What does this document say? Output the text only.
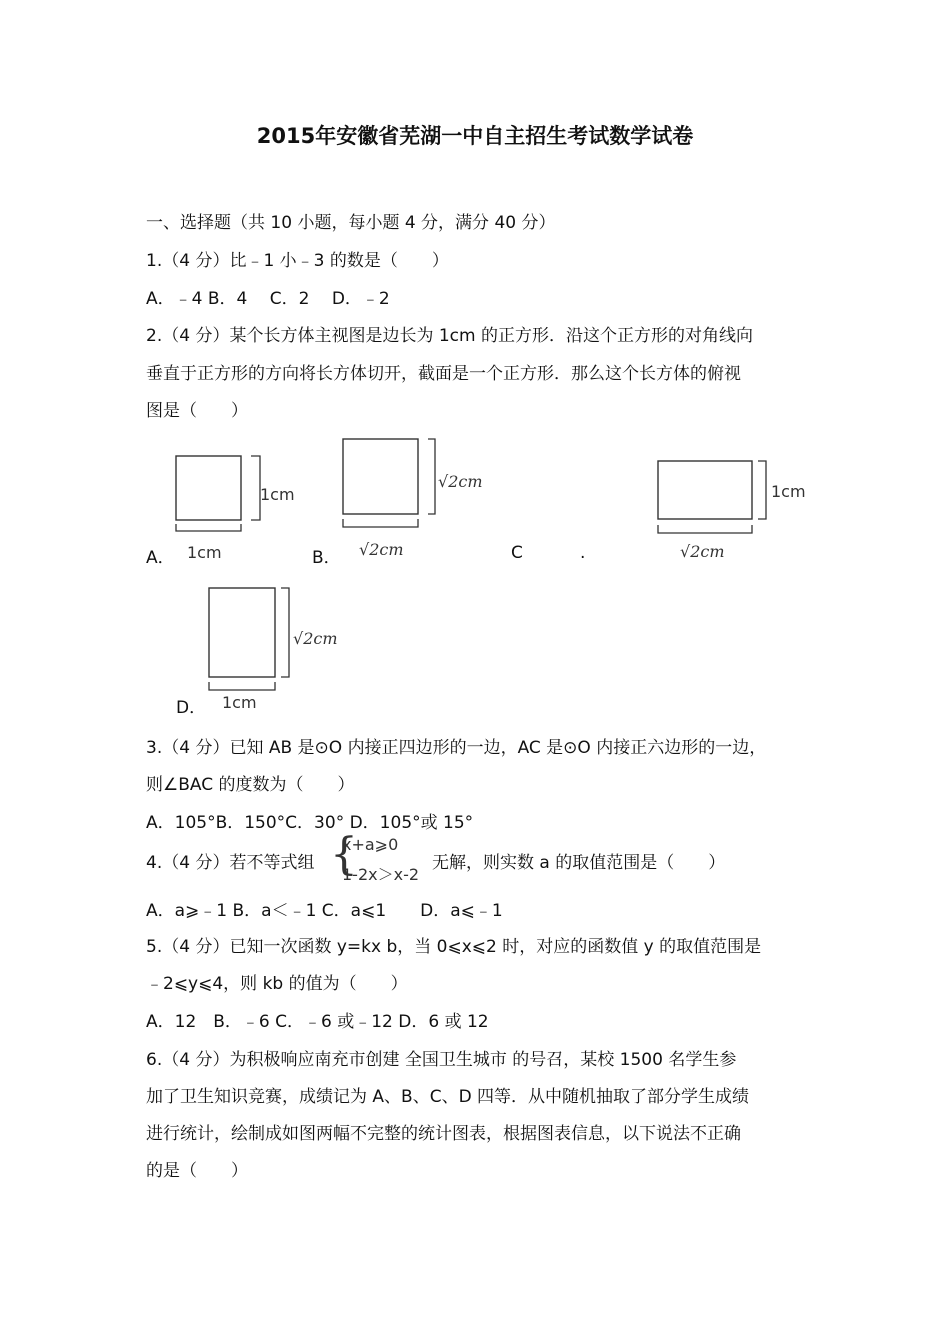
2015年安徽省芜湖一中自主招生考试数学试卷
一、选择题（共 10 小题，每小题 4 分，满分 40 分）
1.（4 分）比﹣1 小﹣3 的数是（　　）
A．﹣4 B．4　 C．2　 D．﹣2
2.（4 分）某个长方体主视图是边长为 1cm 的正方形．沿这个正方形的对角线向
垂直于正方形的方向将长方体切开，截面是一个正方形．那么这个长方体的俯视
图是（　　）
A．	B．	C	.
D．
1cm
1cm
√2cm
√2cm
1cm
√2cm
√2cm
1cm
3.（4 分）已知 AB 是⊙O 内接正四边形的一边，AC 是⊙O 内接正六边形的一边，
则∠BAC 的度数为（　　）
A．105°B．150°C．30° D．105°或 15°
4.（4 分）若不等式组 {
x+a⩾0
1-2x＞x-2
无解，则实数 a 的取值范围是（　　）
A．a⩾﹣1 B．a＜﹣1 C．a⩽1　　D．a⩽﹣1
5.（4 分）已知一次函数 y=kx b，当 0⩽x⩽2 时，对应的函数值 y 的取值范围是
﹣2⩽y⩽4，则 kb 的值为（　　）
A．12　B．﹣6 C．﹣6 或﹣12 D．6 或 12
6.（4 分）为积极响应南充市创建 全国卫生城市 的号召，某校 1500 名学生参
加了卫生知识竞赛，成绩记为 A、B、C、D 四等．从中随机抽取了部分学生成绩
进行统计，绘制成如图两幅不完整的统计图表，根据图表信息，以下说法不正确
的是（　　）
